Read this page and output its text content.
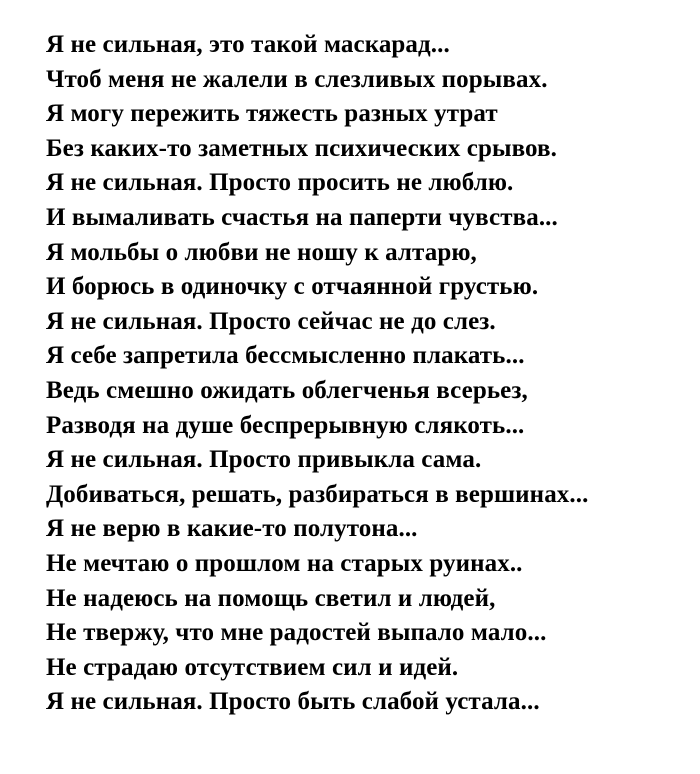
Я не сильная, это такой маскарад...
Чтоб меня не жалели в слезливых порывах.
Я могу пережить тяжесть разных утрат
Без каких-то заметных психических срывов.
Я не сильная. Просто просить не люблю.
И вымаливать счастья на паперти чувства...
Я мольбы о любви не ношу к алтарю,
И борюсь в одиночку с отчаянной грустью.
Я не сильная. Просто сейчас не до слез.
Я себе запретила бессмысленно плакать...
Ведь смешно ожидать облегченья всерьез,
Разводя на душе беспрерывную слякоть...
Я не сильная. Просто привыкла сама.
Добиваться, решать, разбираться в вершинах...
Я не верю в какие-то полутона...
Не мечтаю о прошлом на старых руинах..
Не надеюсь на помощь светил и людей,
Не твержу, что мне радостей выпало мало...
Не страдаю отсутствием сил и идей.
Я не сильная. Просто быть слабой устала...
